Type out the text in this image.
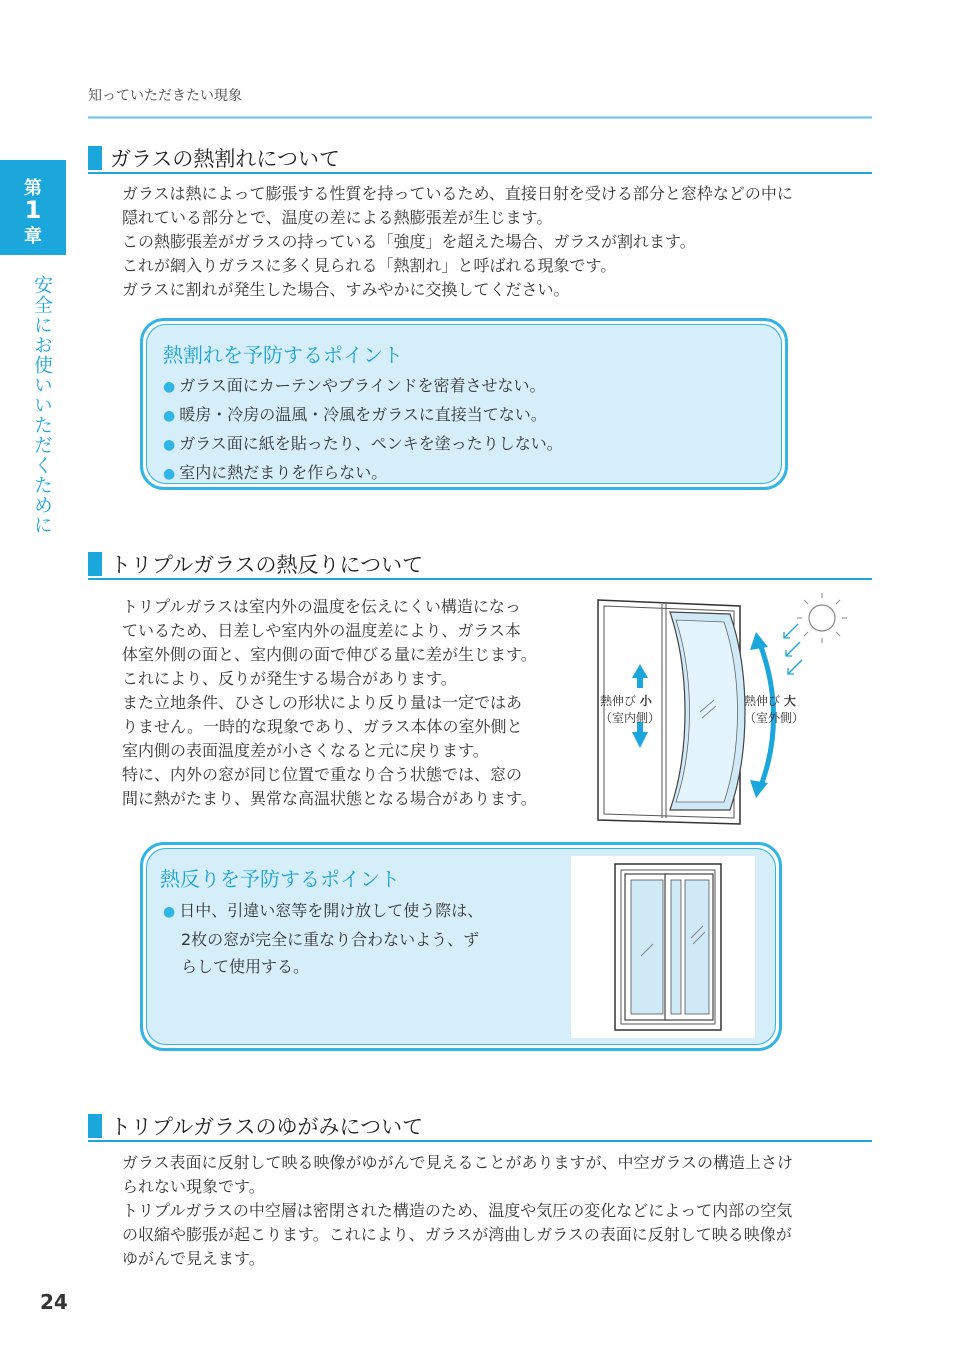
知っていただきたい現象
第
1
章
安全にお使いいただくために
ガラスの熱割れについて

ガラスは熱によって膨張する性質を持っているため、直接日射を受ける部分と窓枠などの中に

隠れている部分とで、温度の差による熱膨張差が生じます。

この熱膨張差がガラスの持っている「強度」を超えた場合、ガラスが割れます。

これが網入りガラスに多く見られる「熱割れ」と呼ばれる現象です。

ガラスに割れが発生した場合、すみやかに交換してください。

熱割れを予防するポイント
● ガラス面にカーテンやブラインドを密着させない。
● 暖房・冷房の温風・冷風をガラスに直接当てない。
● ガラス面に紙を貼ったり、ペンキを塗ったりしない。
● 室内に熱だまりを作らない。
トリプルガラスの熱反りについて

トリプルガラスは室内外の温度を伝えにくい構造になっ

ているため、日差しや室内外の温度差により、ガラス本

体室外側の面と、室内側の面で伸びる量に差が生じます。

これにより、反りが発生する場合があります。

また立地条件、ひさしの形状により反り量は一定ではあ

りません。一時的な現象であり、ガラス本体の室外側と

室内側の表面温度差が小さくなると元に戻ります。

特に、内外の窓が同じ位置で重なり合う状態では、窓の

間に熱がたまり、異常な高温状態となる場合があります。

熱伸び 小
（室内側）
熱伸び 大
（室外側）
熱反りを予防するポイント
● 日中、引違い窓等を開け放して使う際は、
2枚の窓が完全に重なり合わないよう、ず
らして使用する。
トリプルガラスのゆがみについて

ガラス表面に反射して映る映像がゆがんで見えることがありますが、中空ガラスの構造上さけ

られない現象です。

トリプルガラスの中空層は密閉された構造のため、温度や気圧の変化などによって内部の空気

の収縮や膨張が起こります。これにより、ガラスが湾曲しガラスの表面に反射して映る映像が

ゆがんで見えます。

24
